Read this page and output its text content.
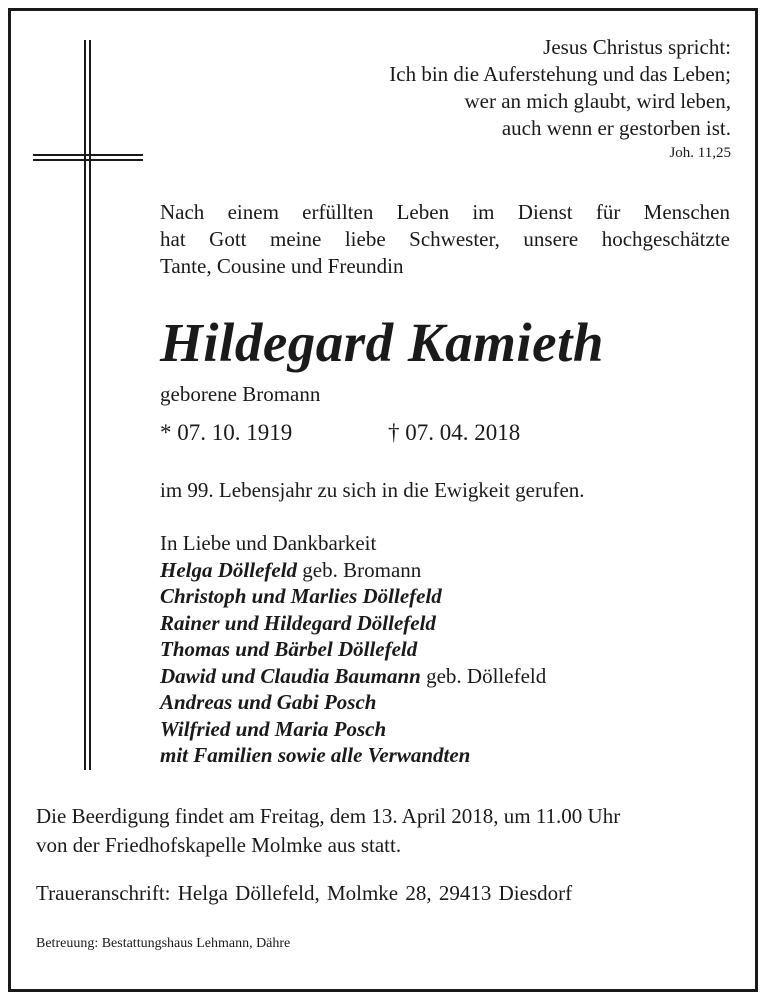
Jesus Christus spricht:
Ich bin die Auferstehung und das Leben;
wer an mich glaubt, wird leben,
auch wenn er gestorben ist.
Joh. 11,25
Nach einem erfüllten Leben im Dienst für Menschen
hat Gott meine liebe Schwester, unsere hochgeschätzte
Tante, Cousine und Freundin
Hildegard Kamieth
geborene Bromann
* 07. 10. 1919	† 07. 04. 2018
im 99. Lebensjahr zu sich in die Ewigkeit gerufen.
In Liebe und Dankbarkeit
Helga Döllefeld geb. Bromann
Christoph und Marlies Döllefeld
Rainer und Hildegard Döllefeld
Thomas und Bärbel Döllefeld
Dawid und Claudia Baumann geb. Döllefeld
Andreas und Gabi Posch
Wilfried und Maria Posch
mit Familien sowie alle Verwandten
Die Beerdigung findet am Freitag, dem 13. April 2018, um 11.00 Uhr
von der Friedhofskapelle Molmke aus statt.
Traueranschrift: Helga Döllefeld, Molmke 28, 29413 Diesdorf
Betreuung: Bestattungshaus Lehmann, Dähre
